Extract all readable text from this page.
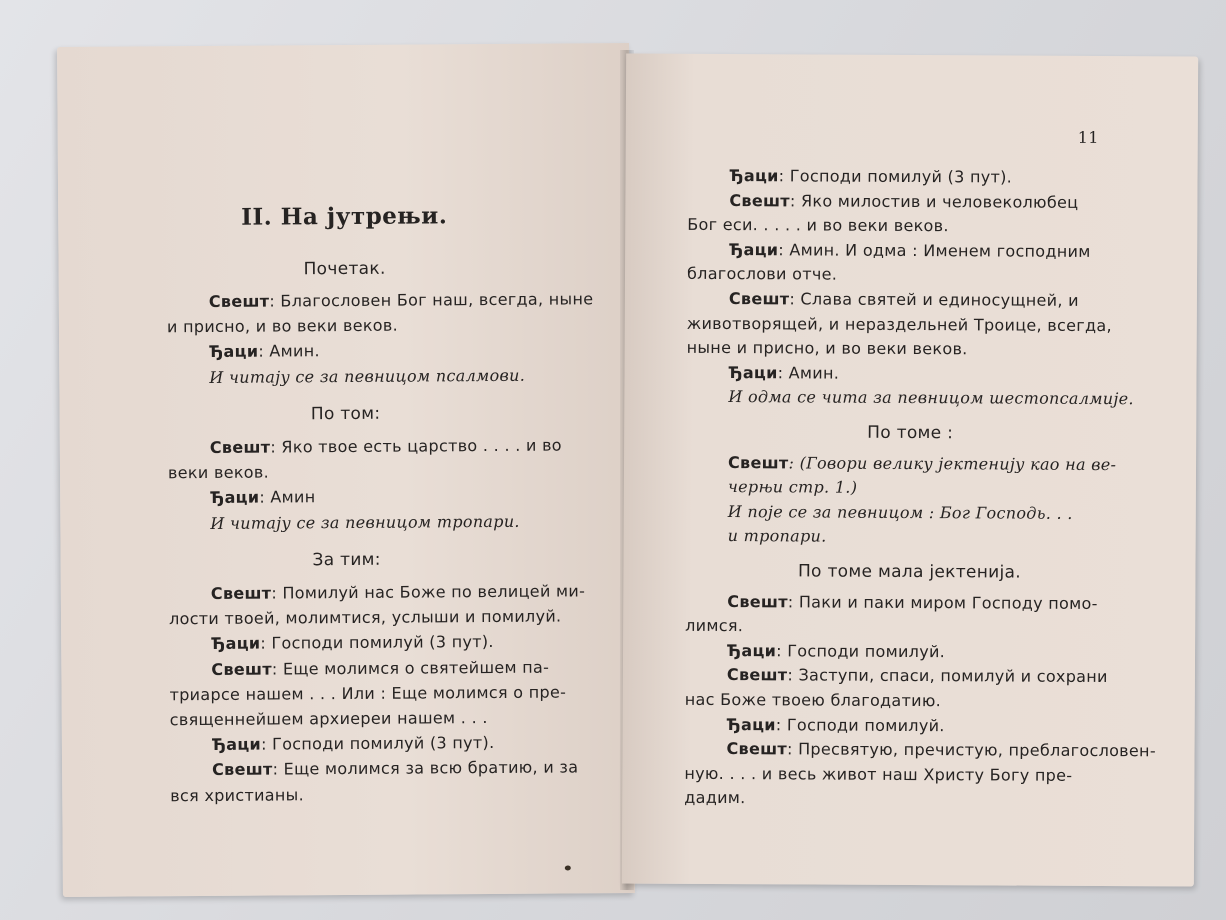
II. На јутрењи.
Почетак.
Свешт: Благословен Бог наш, всегда, ныне
и присно, и во веки веков.
Ђаци: Амин.
И читају се за певницом псалмови.
По том:
Свешт: Яко твое есть царство . . . . и во
веки веков.
Ђаци: Амин
И читају се за певницом тропари.
За тим:
Свешт: Помилуй нас Боже по велицей ми-
лости твоей, молимтися, услыши и помилуй.
Ђаци: Господи помилуй (3 пут).
Свешт: Еще молимся о святейшем па-
триарсе нашем . . . Или : Еще молимся о пре-
священнейшем архиереи нашем . . .
Ђаци: Господи помилуй (3 пут).
Свешт: Еще молимся за всю братию, и за
вся христианы.
11
Ђаци: Господи помилуй (3 пут).
Свешт: Яко милостив и человеколюбец
Бог еси. . . . . и во веки веков.
Ђаци: Амин. И одма : Именем господним
благослови отче.
Свешт: Слава святей и единосущней, и
животворящей, и нераздельней Троице, всегда,
ныне и присно, и во веки веков.
Ђаци: Амин.
И одма се чита за певницом шестопсалмије.
По томе :
Свешт: (Говори велику јектенију као на ве-
черњи стр. 1.)
И поје се за певницом : Бог Господь. . .
и тропари.
По томе мала јектенија.
Свешт: Паки и паки миром Господу помо-
лимся.
Ђаци: Господи помилуй.
Свешт: Заступи, спаси, помилуй и сохрани
нас Боже твоею благодатию.
Ђаци: Господи помилуй.
Свешт: Пресвятую, пречистую, преблагословен-
ную. . . . и весь живот наш Христу Богу пре-
дадим.
